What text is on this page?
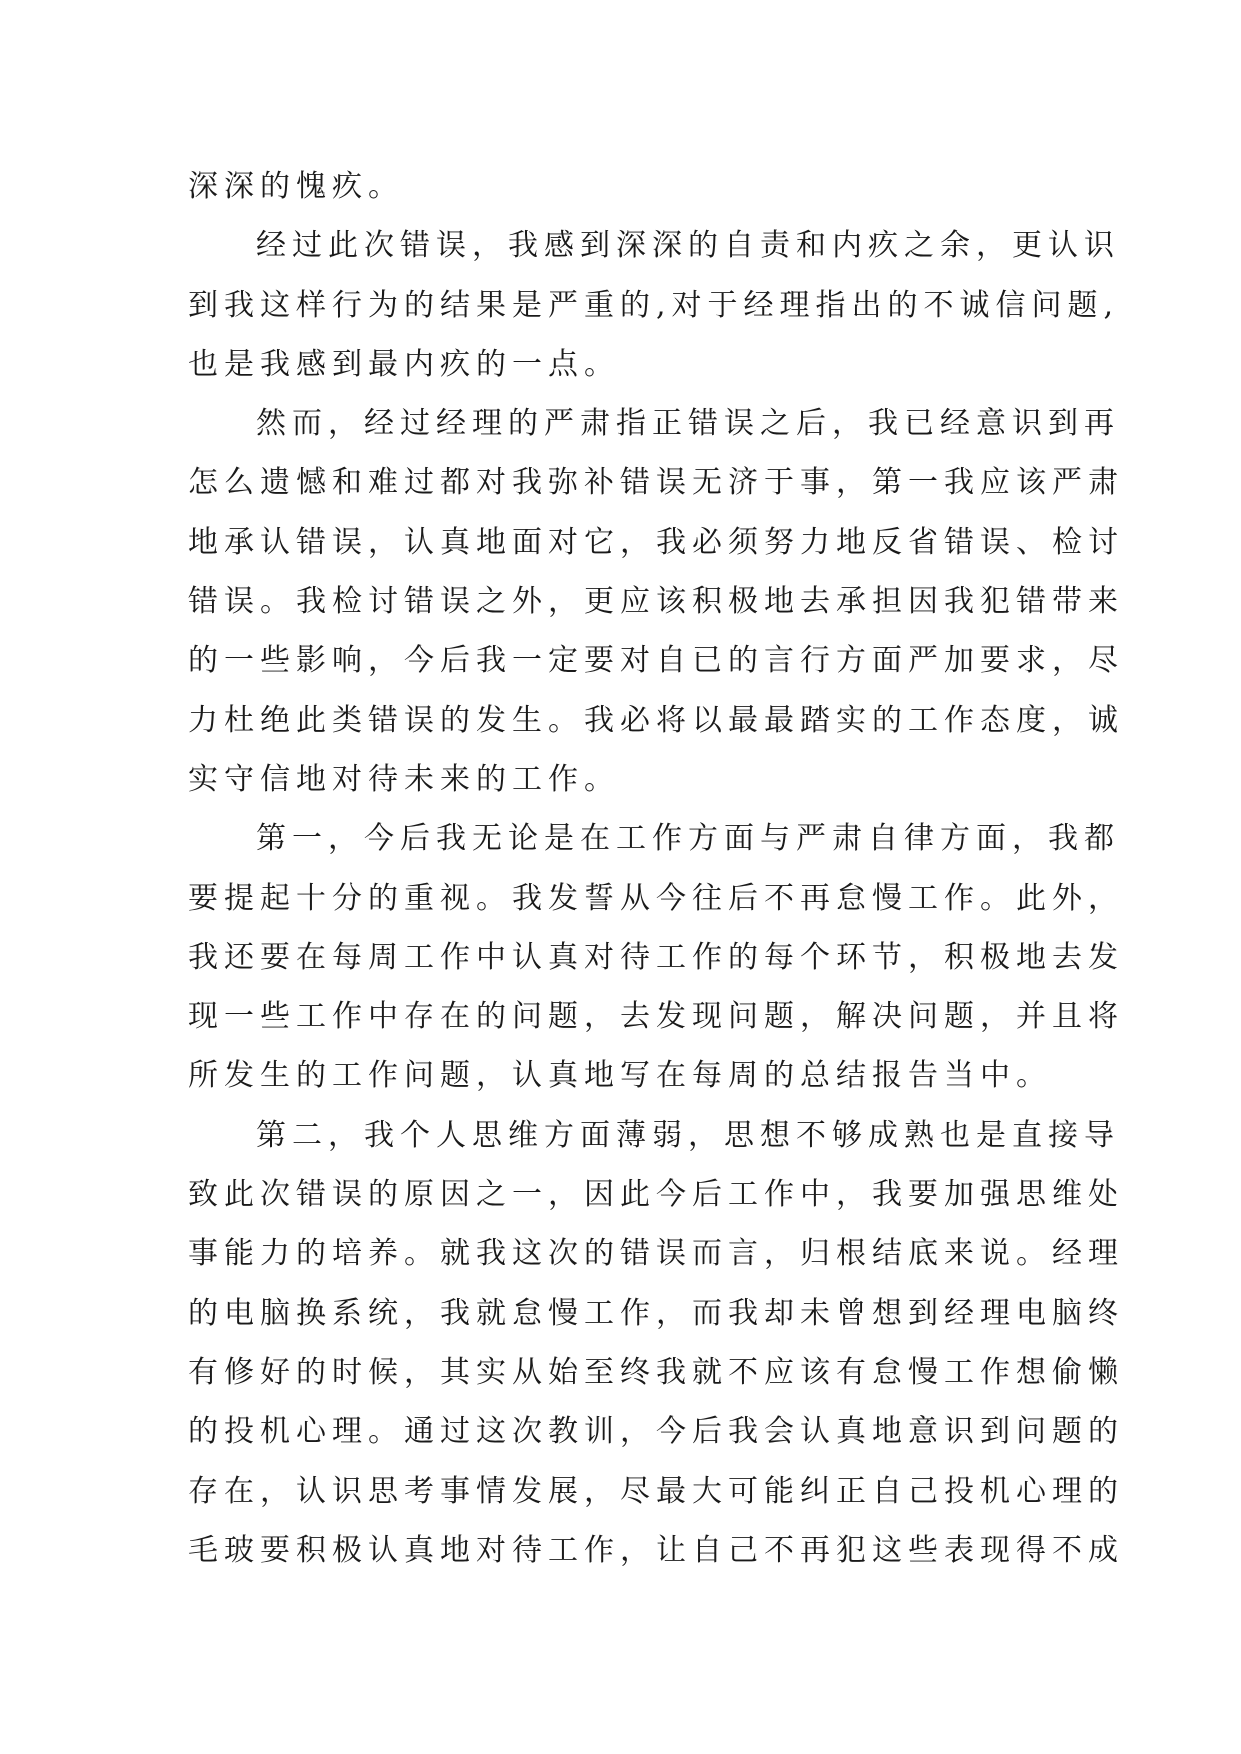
深深的愧疚。
经过此次错误，我感到深深的自责和内疚之余，更认识
到我这样行为的结果是严重的,对于经理指出的不诚信问题,
也是我感到最内疚的一点。
然而，经过经理的严肃指正错误之后，我已经意识到再
怎么遗憾和难过都对我弥补错误无济于事，第一我应该严肃
地承认错误，认真地面对它，我必须努力地反省错误、检讨
错误。我检讨错误之外，更应该积极地去承担因我犯错带来
的一些影响，今后我一定要对自已的言行方面严加要求，尽
力杜绝此类错误的发生。我必将以最最踏实的工作态度，诚
实守信地对待未来的工作。
第一，今后我无论是在工作方面与严肃自律方面，我都
要提起十分的重视。我发誓从今往后不再怠慢工作。此外，
我还要在每周工作中认真对待工作的每个环节，积极地去发
现一些工作中存在的问题，去发现问题，解决问题，并且将
所发生的工作问题，认真地写在每周的总结报告当中。
第二，我个人思维方面薄弱，思想不够成熟也是直接导
致此次错误的原因之一，因此今后工作中，我要加强思维处
事能力的培养。就我这次的错误而言，归根结底来说。经理
的电脑换系统，我就怠慢工作，而我却未曾想到经理电脑终
有修好的时候，其实从始至终我就不应该有怠慢工作想偷懒
的投机心理。通过这次教训，今后我会认真地意识到问题的
存在，认识思考事情发展，尽最大可能纠正自己投机心理的
毛玻要积极认真地对待工作，让自己不再犯这些表现得不成
